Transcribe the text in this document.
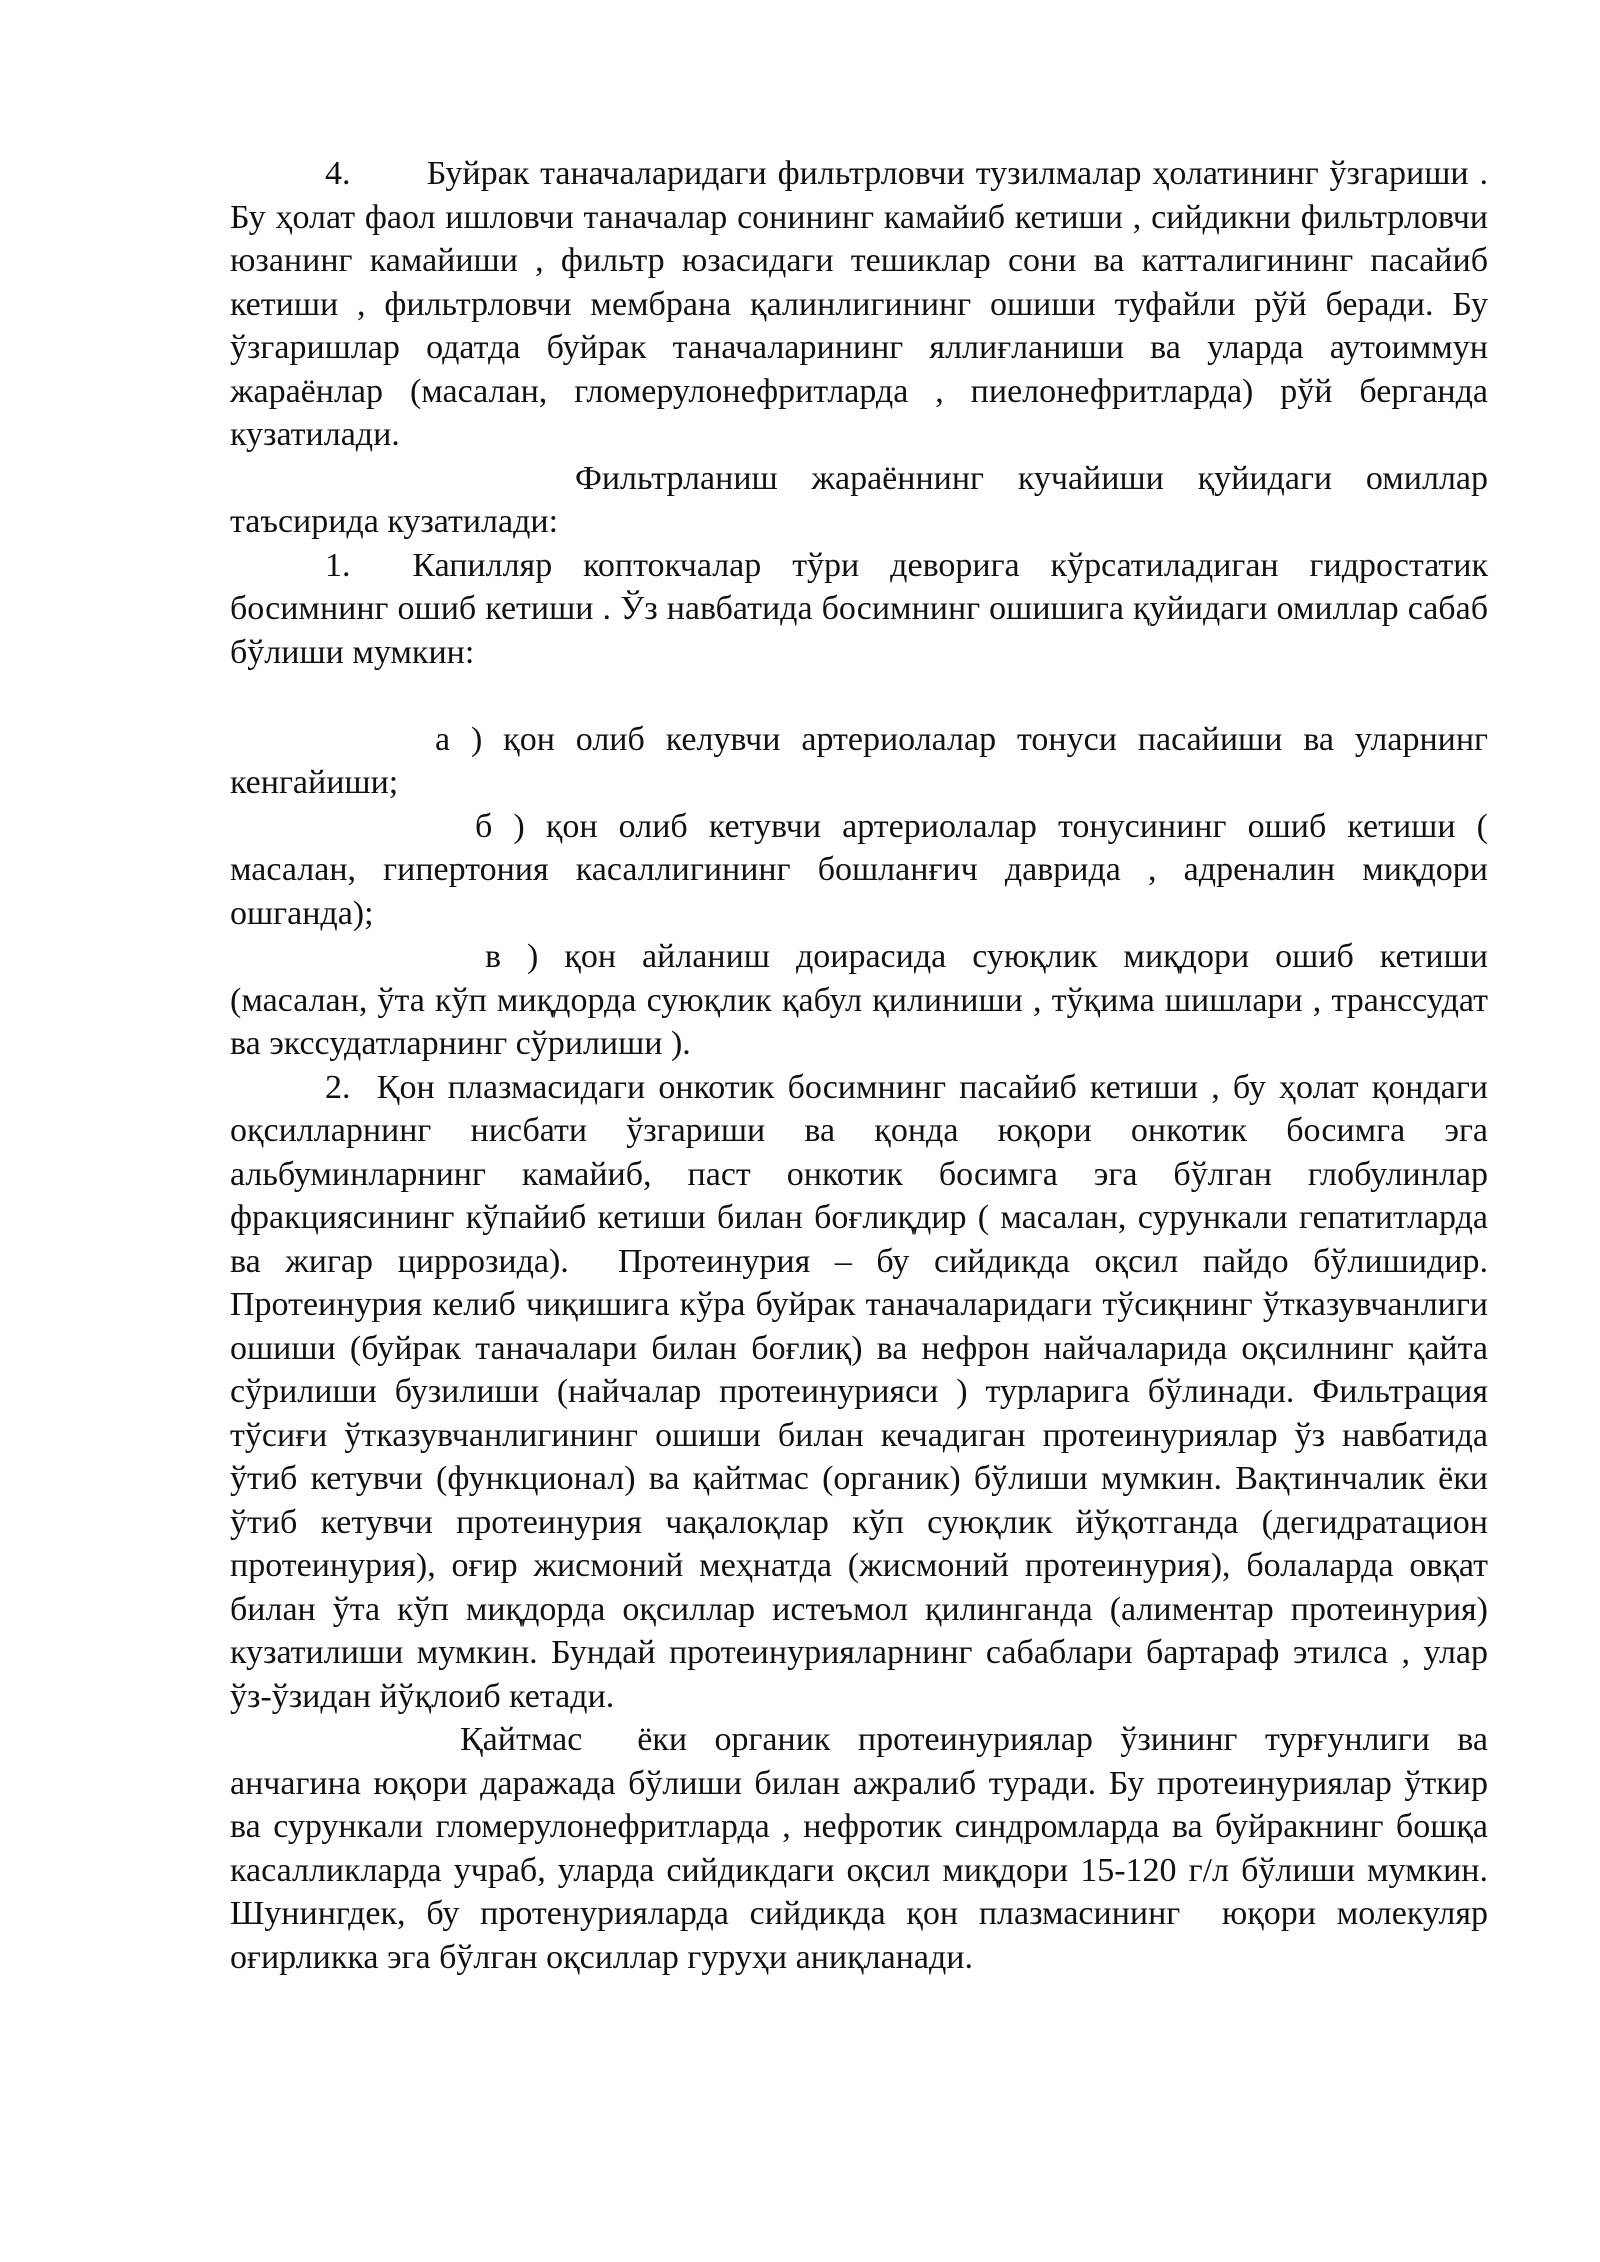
4.       Буйрак таначаларидаги фильтрловчи тузилмалар ҳолатининг ўзгариши . Бу ҳолат фаол ишловчи таначалар сонининг камайиб кетиши , сийдикни фильтрловчи юзанинг камайиши , фильтр юзасидаги тешиклар сони ва катталигининг пасайиб кетиши , фильтрловчи мембрана қалинлигининг ошиши туфайли рўй беради. Бу ўзгаришлар одатда буйрак таначаларининг яллиғланиши ва уларда аутоиммун жараёнлар (масалан, гломерулонефритларда , пиелонефритларда) рўй берганда кузатилади.

Фильтрланиш жараённинг кучайиши қуйидаги омиллар таъсирида кузатилади:

1.  Капилляр коптокчалар тўри деворига кўрсатиладиган гидростатик босимнинг ошиб кетиши . Ўз навбатида босимнинг ошишига қуйидаги омиллар сабаб бўлиши мумкин:

а ) қон олиб келувчи артериолалар тонуси пасайиши ва уларнинг кенгайиши;

б ) қон олиб кетувчи артериолалар тонусининг ошиб кетиши ( масалан, гипертония касаллигининг бошланғич даврида , адреналин миқдори ошганда);

в ) қон айланиш доирасида суюқлик миқдори ошиб кетиши (масалан, ўта кўп миқдорда суюқлик қабул қилиниши , тўқима шишлари , транссудат ва экссудатларнинг сўрилиши ).

2.  Қон плазмасидаги онкотик босимнинг пасайиб кетиши , бу ҳолат қондаги оқсилларнинг нисбати ўзгариши ва қонда юқори онкотик босимга эга альбуминларнинг камайиб, паст онкотик босимга эга бўлган глобулинлар фракциясининг кўпайиб кетиши билан боғлиқдир ( масалан, сурункали гепатитларда ва жигар циррозида).  Протеинурия – бу сийдикда оқсил пайдо бўлишидир. Протеинурия келиб чиқишига кўра буйрак таначаларидаги тўсиқнинг ўтказувчанлиги ошиши (буйрак таначалари билан боғлиқ) ва нефрон найчаларида оқсилнинг қайта сўрилиши бузилиши (найчалар протеинурияси ) турларига бўлинади. Фильтрация тўсиғи ўтказувчанлигининг ошиши билан кечадиган протеинуриялар ўз навбатида ўтиб кетувчи (функционал) ва қайтмас (органик) бўлиши мумкин. Вақтинчалик ёки ўтиб кетувчи протеинурия чақалоқлар кўп суюқлик йўқотганда (дегидратацион протеинурия), оғир жисмоний меҳнатда (жисмоний протеинурия), болаларда овқат билан ўта кўп миқдорда оқсиллар истеъмол қилинганда (алиментар протеинурия) кузатилиши мумкин. Бундай протеинурияларнинг сабаблари бартараф этилса , улар ўз-ўзидан йўқлоиб кетади.

Қайтмас  ёки органик протеинуриялар ўзининг турғунлиги ва анчагина юқори даражада бўлиши билан ажралиб туради. Бу протеинуриялар ўткир ва сурункали гломерулонефритларда , нефротик синдромларда ва буйракнинг бошқа касалликларда учраб, уларда сийдикдаги оқсил миқдори 15-120 г/л бўлиши мумкин. Шунингдек, бу протенурияларда сийдикда қон плазмасининг  юқори молекуляр оғирликка эга бўлган оқсиллар гуруҳи аниқланади.
